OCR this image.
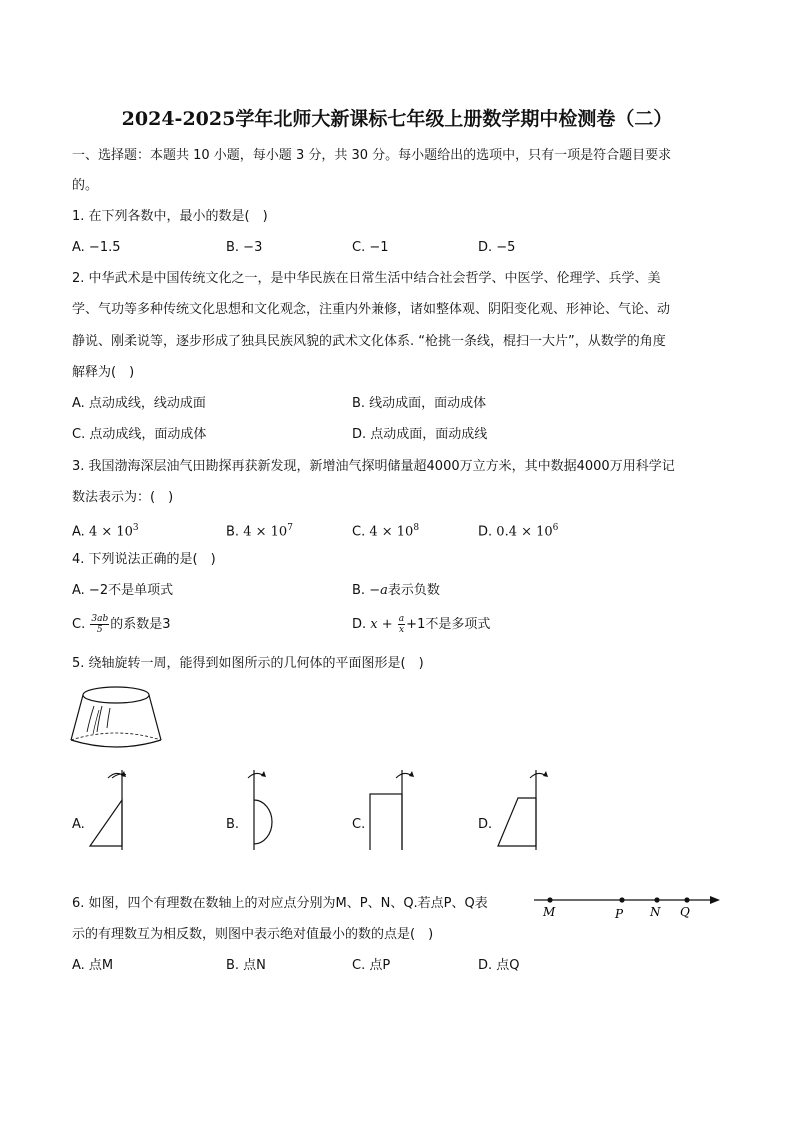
2024-2025学年北师大新课标七年级上册数学期中检测卷（二）
一、选择题：本题共 10 小题，每小题 3 分，共 30 分。每小题给出的选项中，只有一项是符合题目要求
的。
1. 在下列各数中，最小的数是(　)
A. −1.5	B. −3	C. −1	D. −5
2. 中华武术是中国传统文化之一，是中华民族在日常生活中结合社会哲学、中医学、伦理学、兵学、美
学、气功等多种传统文化思想和文化观念，注重内外兼修，诸如整体观、阴阳变化观、形神论、气论、动
静说、刚柔说等，逐步形成了独具民族风貌的武术文化体系. “枪挑一条线，棍扫一大片”，从数学的角度
解释为(　)
A. 点动成线，线动成面	B. 线动成面，面动成体
C. 点动成线，面动成体	D. 点动成面，面动成线
3. 我国渤海深层油气田勘探再获新发现，新增油气探明储量超4000万立方米，其中数据4000万用科学记
数法表示为：(　)
A. $4 \times 10^3$	B. $4 \times 10^7$	C. $4 \times 10^8$	D. $0.4 \times 10^6$
4. 下列说法正确的是(　)
A. −2不是单项式	B. −a表示负数
C. $\frac{3ab}{5}$ 的系数是3	D. $x + \frac{a}{x} +1$不是多项式
5. 绕轴旋转一周，能得到如图所示的几何体的平面图形是(　)
A.	B.	C.	D.
6. 如图，四个有理数在数轴上的对应点分别为M、P、N、Q.若点P、Q表
示的有理数互为相反数，则图中表示绝对值最小的数的点是(　)
M	P N Q
A. 点M	B. 点N	C. 点P	D. 点Q
